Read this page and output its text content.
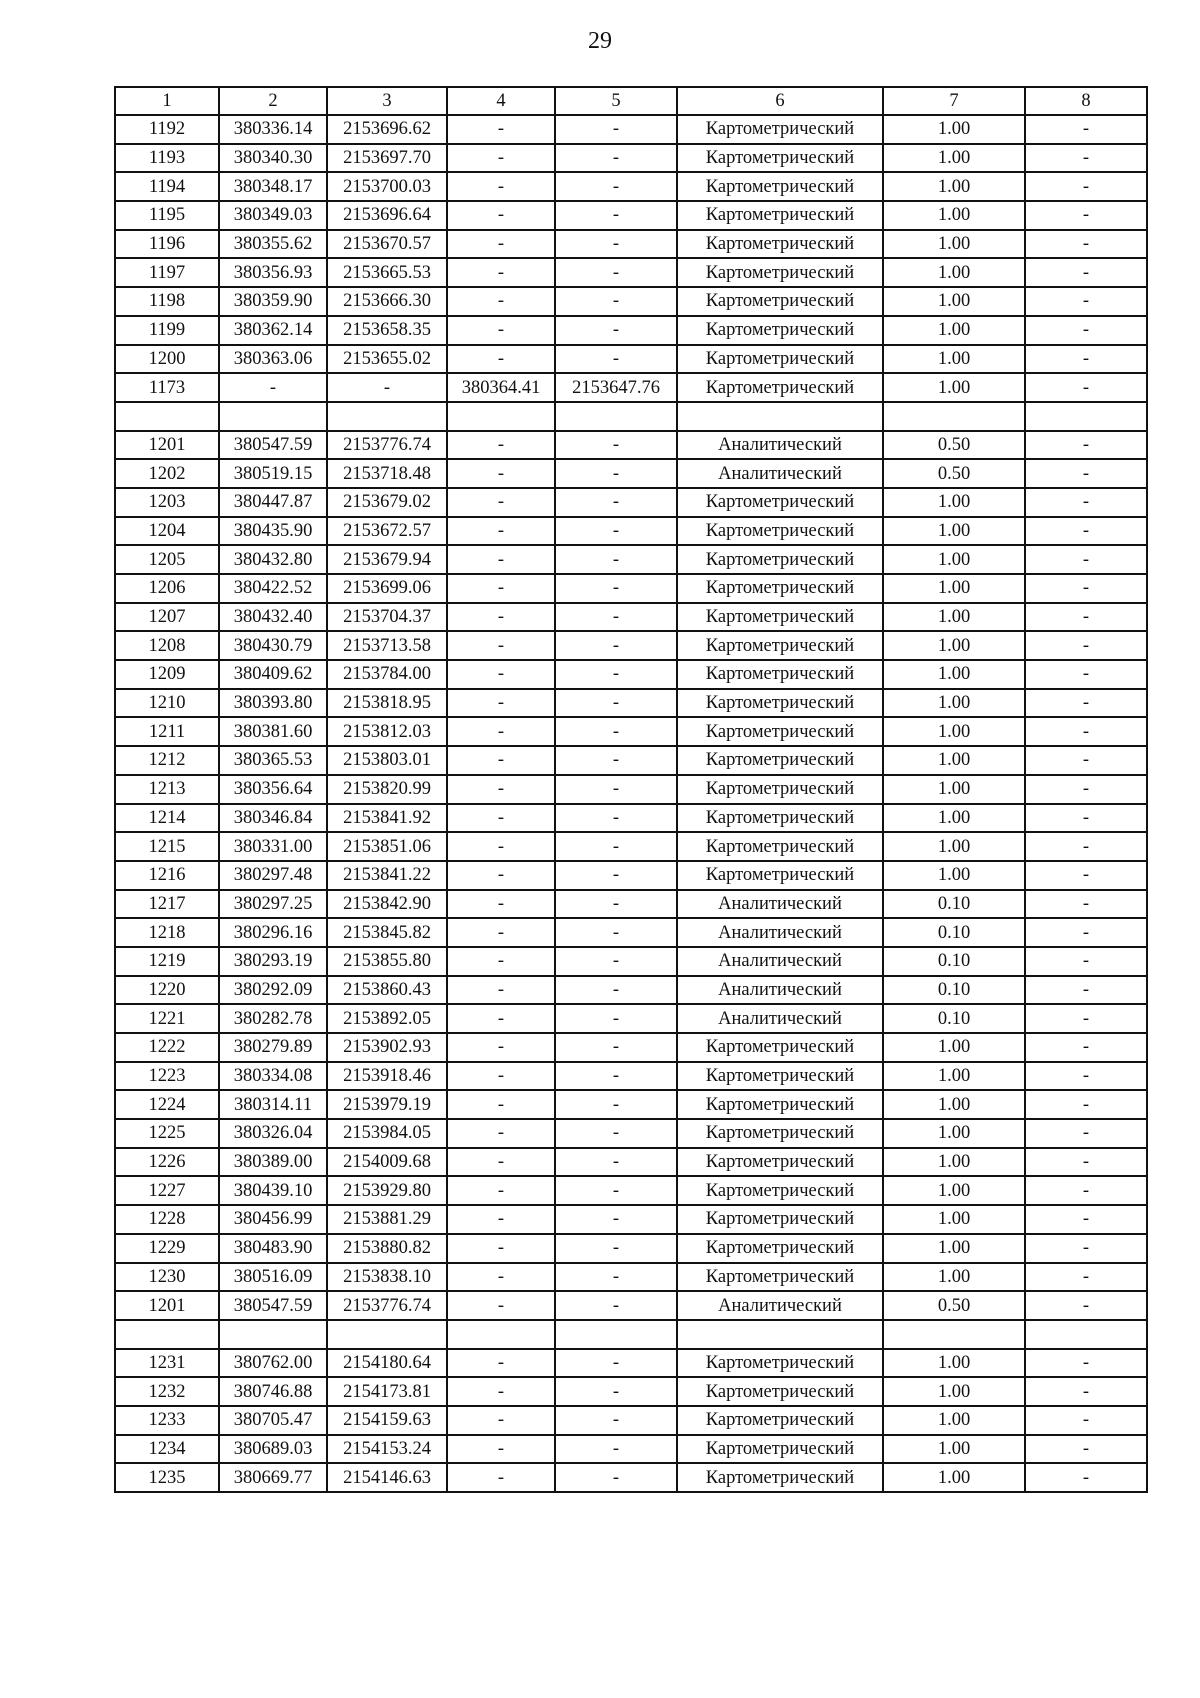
29
1	2	3	4	5	6	7	8
1192	380336.14	2153696.62	-	-	Картометрический	1.00	-
1193	380340.30	2153697.70	-	-	Картометрический	1.00	-
1194	380348.17	2153700.03	-	-	Картометрический	1.00	-
1195	380349.03	2153696.64	-	-	Картометрический	1.00	-
1196	380355.62	2153670.57	-	-	Картометрический	1.00	-
1197	380356.93	2153665.53	-	-	Картометрический	1.00	-
1198	380359.90	2153666.30	-	-	Картометрический	1.00	-
1199	380362.14	2153658.35	-	-	Картометрический	1.00	-
1200	380363.06	2153655.02	-	-	Картометрический	1.00	-
1173	-	-	380364.41	2153647.76	Картометрический	1.00	-

1201	380547.59	2153776.74	-	-	Аналитический	0.50	-
1202	380519.15	2153718.48	-	-	Аналитический	0.50	-
1203	380447.87	2153679.02	-	-	Картометрический	1.00	-
1204	380435.90	2153672.57	-	-	Картометрический	1.00	-
1205	380432.80	2153679.94	-	-	Картометрический	1.00	-
1206	380422.52	2153699.06	-	-	Картометрический	1.00	-
1207	380432.40	2153704.37	-	-	Картометрический	1.00	-
1208	380430.79	2153713.58	-	-	Картометрический	1.00	-
1209	380409.62	2153784.00	-	-	Картометрический	1.00	-
1210	380393.80	2153818.95	-	-	Картометрический	1.00	-
1211	380381.60	2153812.03	-	-	Картометрический	1.00	-
1212	380365.53	2153803.01	-	-	Картометрический	1.00	-
1213	380356.64	2153820.99	-	-	Картометрический	1.00	-
1214	380346.84	2153841.92	-	-	Картометрический	1.00	-
1215	380331.00	2153851.06	-	-	Картометрический	1.00	-
1216	380297.48	2153841.22	-	-	Картометрический	1.00	-
1217	380297.25	2153842.90	-	-	Аналитический	0.10	-
1218	380296.16	2153845.82	-	-	Аналитический	0.10	-
1219	380293.19	2153855.80	-	-	Аналитический	0.10	-
1220	380292.09	2153860.43	-	-	Аналитический	0.10	-
1221	380282.78	2153892.05	-	-	Аналитический	0.10	-
1222	380279.89	2153902.93	-	-	Картометрический	1.00	-
1223	380334.08	2153918.46	-	-	Картометрический	1.00	-
1224	380314.11	2153979.19	-	-	Картометрический	1.00	-
1225	380326.04	2153984.05	-	-	Картометрический	1.00	-
1226	380389.00	2154009.68	-	-	Картометрический	1.00	-
1227	380439.10	2153929.80	-	-	Картометрический	1.00	-
1228	380456.99	2153881.29	-	-	Картометрический	1.00	-
1229	380483.90	2153880.82	-	-	Картометрический	1.00	-
1230	380516.09	2153838.10	-	-	Картометрический	1.00	-
1201	380547.59	2153776.74	-	-	Аналитический	0.50	-

1231	380762.00	2154180.64	-	-	Картометрический	1.00	-
1232	380746.88	2154173.81	-	-	Картометрический	1.00	-
1233	380705.47	2154159.63	-	-	Картометрический	1.00	-
1234	380689.03	2154153.24	-	-	Картометрический	1.00	-
1235	380669.77	2154146.63	-	-	Картометрический	1.00	-
